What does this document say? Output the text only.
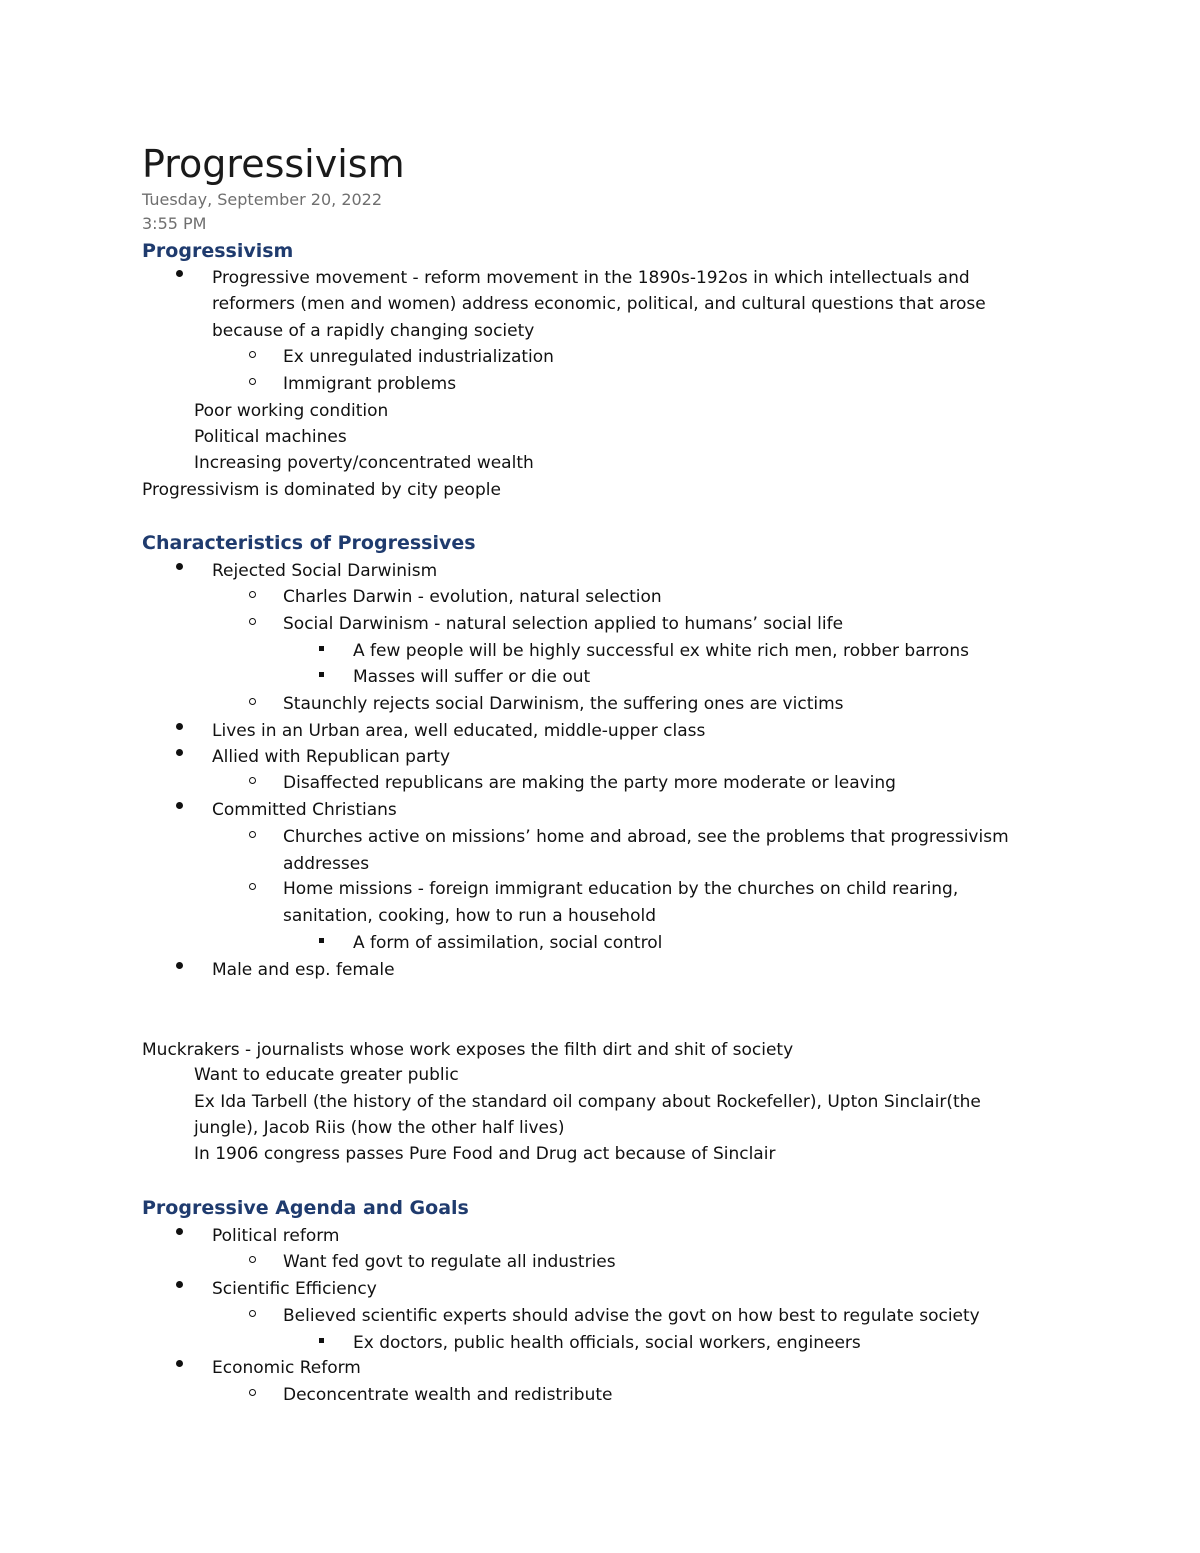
Progressivism
Tuesday, September 20, 2022
3:55 PM
Progressivism
Progressive movement - reform movement in the 1890s-192os in which intellectuals and
reformers (men and women) address economic, political, and cultural questions that arose
because of a rapidly changing society
Ex unregulated industrialization
Immigrant problems
Poor working condition
Political machines
Increasing poverty/concentrated wealth
Progressivism is dominated by city people
Characteristics of Progressives
Rejected Social Darwinism
Charles Darwin - evolution, natural selection
Social Darwinism - natural selection applied to humans’ social life
A few people will be highly successful ex white rich men, robber barrons
Masses will suffer or die out
Staunchly rejects social Darwinism, the suffering ones are victims
Lives in an Urban area, well educated, middle-upper class
Allied with Republican party
Disaffected republicans are making the party more moderate or leaving
Committed Christians
Churches active on missions’ home and abroad, see the problems that progressivism
addresses
Home missions - foreign immigrant education by the churches on child rearing,
sanitation, cooking, how to run a household
A form of assimilation, social control
Male and esp. female
Muckrakers - journalists whose work exposes the filth dirt and shit of society
Want to educate greater public
Ex Ida Tarbell (the history of the standard oil company about Rockefeller), Upton Sinclair(the
jungle), Jacob Riis (how the other half lives)
In 1906 congress passes Pure Food and Drug act because of Sinclair
Progressive Agenda and Goals
Political reform
Want fed govt to regulate all industries
Scientific Efficiency
Believed scientific experts should advise the govt on how best to regulate society
Ex doctors, public health officials, social workers, engineers
Economic Reform
Deconcentrate wealth and redistribute
